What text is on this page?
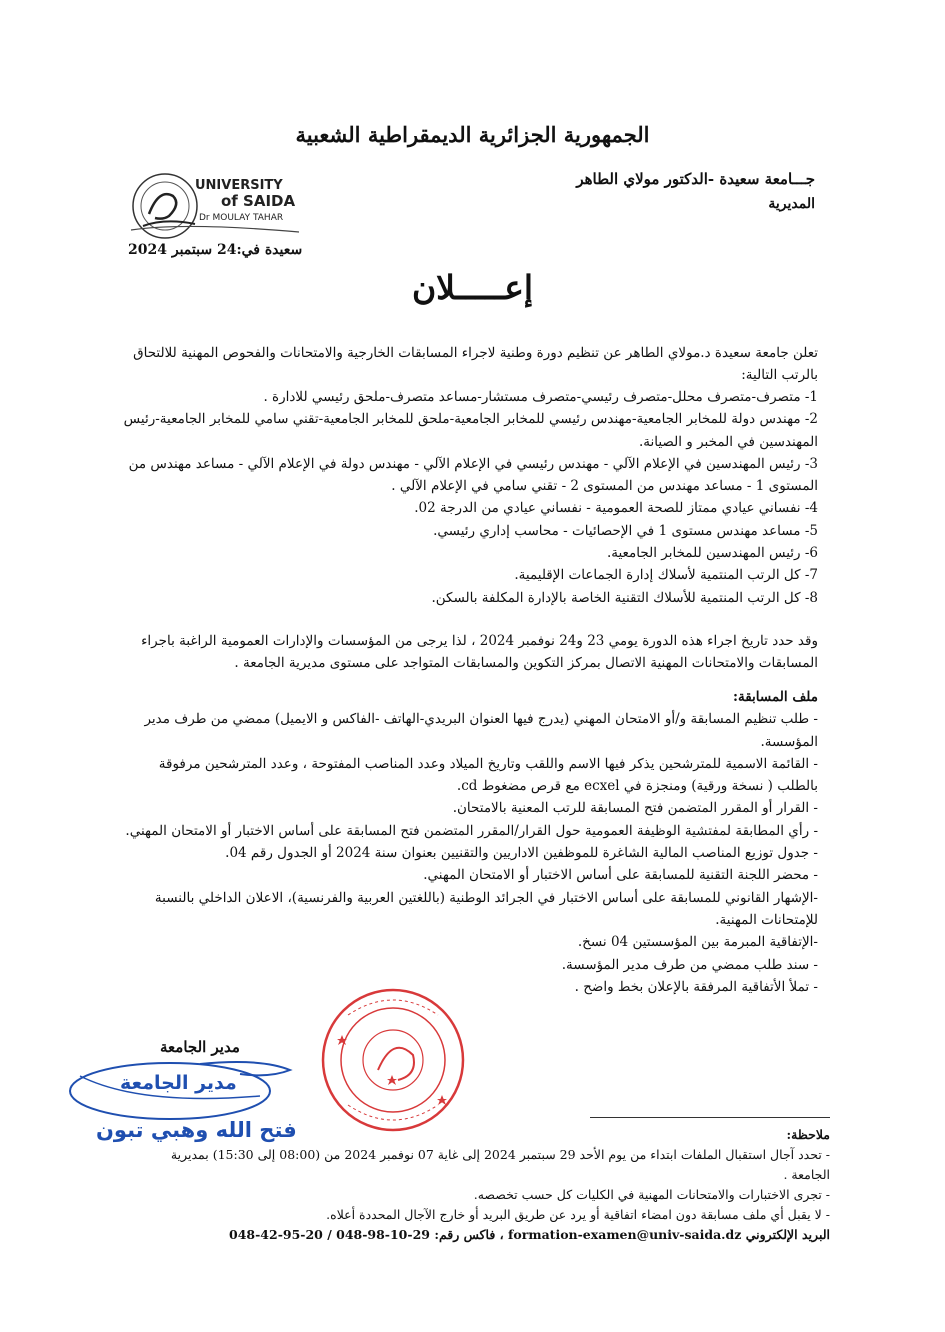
الجمهورية الجزائرية الديمقراطية الشعبية
جـــامعة سعيدة -الدكتور مولاي الطاهر
المديرية
UNIVERSITY
of SAIDA
Dr MOULAY TAHAR
سعيدة في:24 سبتمبر 2024
إعـــــلان

تعلن جامعة سعيدة د.مولاي الطاهر عن تنظيم دورة وطنية لاجراء المسابقات الخارجية والامتحانات والفحوص المهنية للالتحاق بالرتب التالية:

1- متصرف-متصرف محلل-متصرف رئيسي-متصرف مستشار-مساعد متصرف-ملحق رئيسي للادارة .

2- مهندس دولة للمخابر الجامعية-مهندس رئيسي للمخابر الجامعية-ملحق للمخابر الجامعية-تقني سامي للمخابر الجامعية-رئيس المهندسين في المخبر و الصيانة.

3- رئيس المهندسين في الإعلام الآلي - مهندس رئيسي في الإعلام الآلي - مهندس دولة في الإعلام الآلي - مساعد مهندس من المستوى 1 - مساعد مهندس من المستوى 2 - تقني سامي في الإعلام الآلي .

4- نفساني عيادي ممتاز للصحة العمومية - نفساني عيادي من الدرجة 02.

5- مساعد مهندس مستوى 1 في الإحصائيات - محاسب إداري رئيسي.

6- رئيس المهندسين للمخابر الجامعية.

7- كل الرتب المنتمية لأسلاك إدارة الجماعات الإقليمية.

8- كل الرتب المنتمية للأسلاك التقنية الخاصة بالإدارة المكلفة بالسكن.

وقد حدد تاريخ اجراء هذه الدورة يومي 23 و24 نوفمبر 2024 ، لذا يرجى من المؤسسات والإدارات العمومية الراغبة باجراء المسابقات والامتحانات المهنية الاتصال بمركز التكوين والمسابقات المتواجد على مستوى مديرية الجامعة .

ملف المسابقة:

- طلب تنظيم المسابقة و/أو الامتحان المهني (يدرج فيها العنوان البريدي-الهاتف -الفاكس و الايميل) ممضي من طرف مدير المؤسسة.

- القائمة الاسمية للمترشحين يذكر فيها الاسم واللقب وتاريخ الميلاد وعدد المناصب المفتوحة ، وعدد المترشحين مرفوقة بالطلب ( نسخة ورقية) ومنجزة في ecxel مع قرص مضغوط cd.

- القرار أو المقرر المتضمن فتح المسابقة للرتب المعنية بالامتحان.

- رأي المطابقة لمفتشية الوظيفة العمومية حول القرار/المقرر المتضمن فتح المسابقة على أساس الاختبار أو الامتحان المهني.

- جدول توزيع المناصب المالية الشاغرة للموظفين الاداريين والتقنيين بعنوان سنة 2024 أو الجدول رقم 04.

- محضر اللجنة التقنية للمسابقة على أساس الاختبار أو الامتحان المهني.

-الإشهار القانوني للمسابقة على أساس الاختبار في الجرائد الوطنية (باللغتين العربية والفرنسية)، الاعلان الداخلي بالنسبة للإمتحانات المهنية.

-الإتفاقية المبرمة بين المؤسستين 04 نسخ.

- سند طلب ممضي من طرف مدير المؤسسة.

- تملأ الأتفاقية المرفقة بالإعلان بخط واضح .

مدير الجامعة
مدير الجامعة
فتح الله وهبي تبون	ملاحظة:

- تحدد آجال استقبال الملفات ابتداء من يوم الأحد 29 سبتمبر 2024 إلى غاية 07 نوفمبر 2024 من (08:00 إلى 15:30) بمديرية الجامعة .

- تجرى الاختبارات والامتحانات المهنية في الكليات كل حسب تخصصه.

- لا يقبل أي ملف مسابقة دون امضاء اتفاقية أو يرد عن طريق البريد أو خارج الآجال المحددة أعلاه.

البريد الإلكتروني formation-examen@univ-saida.dz ، فاكس رقم: 048-42-95-20 / 048-98-10-29
